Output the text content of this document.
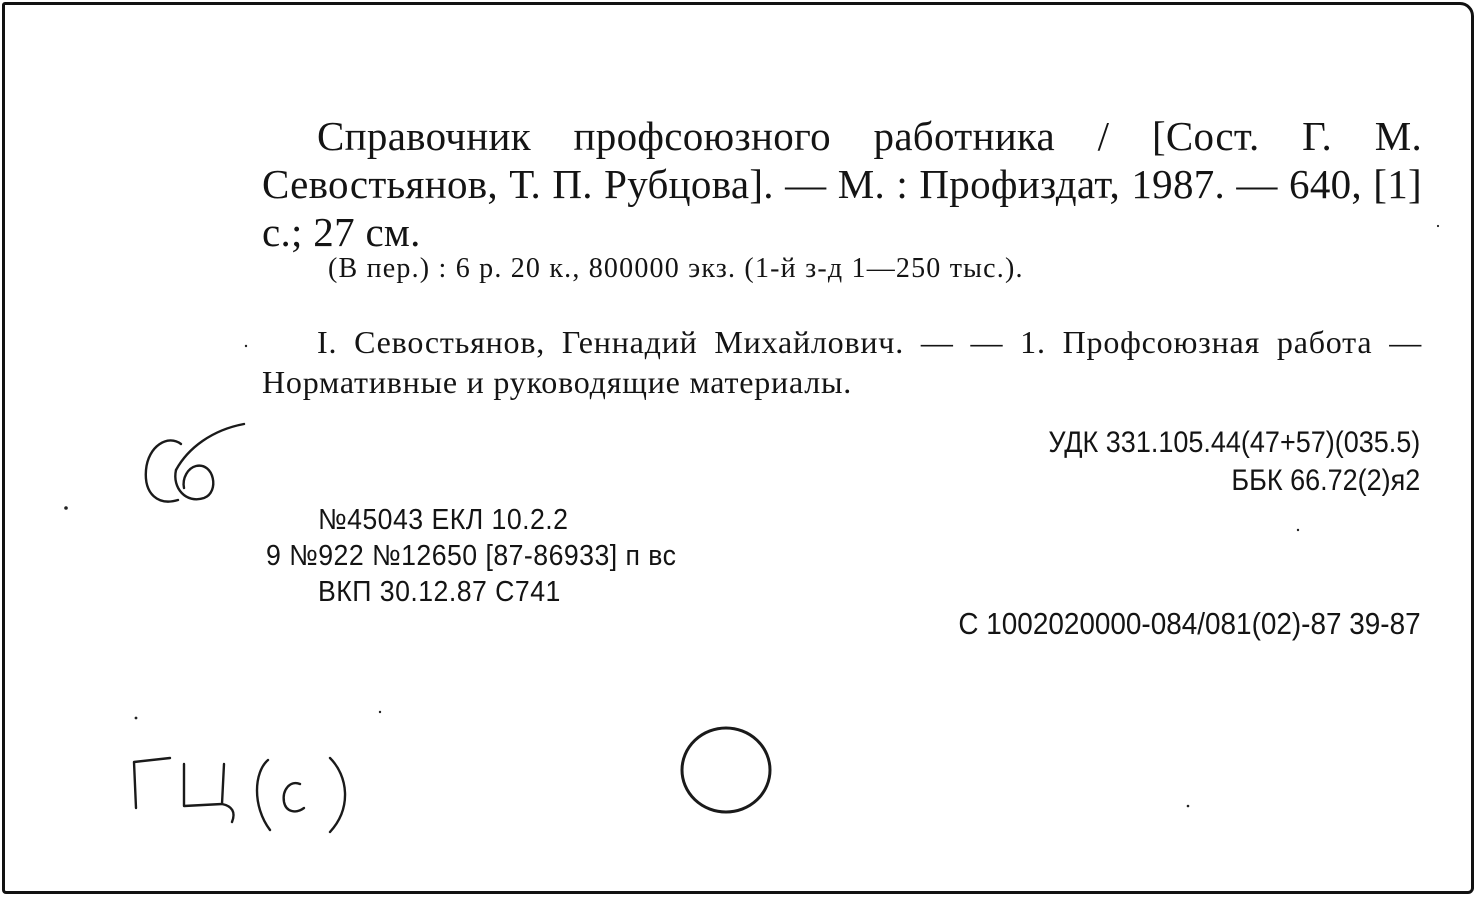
Справочник профсоюзного работника / [Сост. Г. М. Севостьянов, Т. П. Рубцова]. — М. : Профиздат, 1987. — 640, [1] с.; 27 см.
(В пер.) : 6 р. 20 к., 800000 экз. (1-й з-д 1—250 тыс.).
I. Севостьянов, Геннадий Михайлович. — — 1. Профсоюзная работа — Нормативные и руководящие материалы.
УДК 331.105.44(47+57)(035.5)
ББК 66.72(2)я2
№45043 ЕКЛ 10.2.2
9 №922 №12650 [87-86933] п вс
ВКП 30.12.87 С741
С 1002020000-084/081(02)-87 39-87
